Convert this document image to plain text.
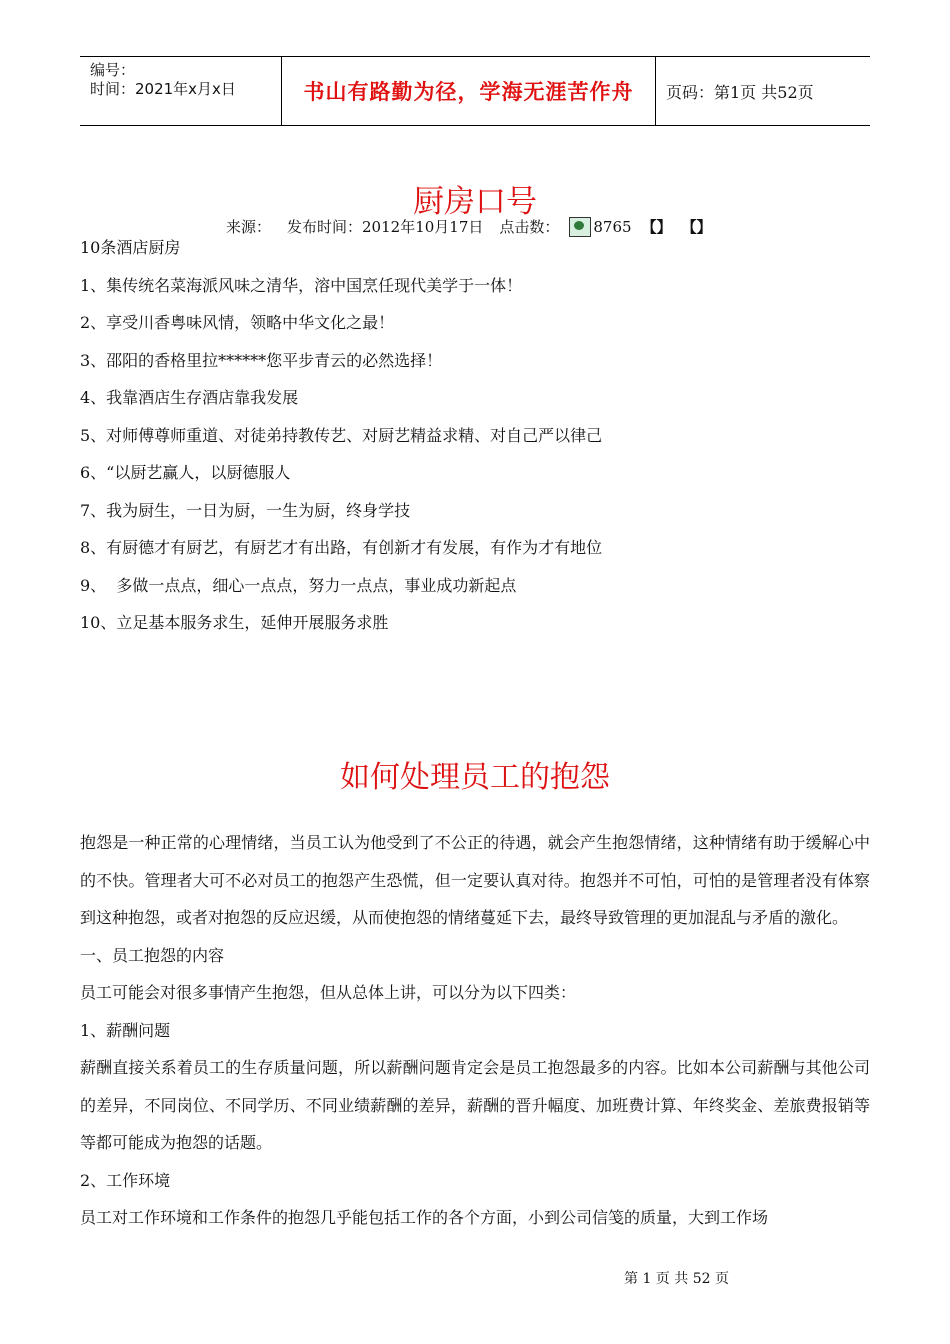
编号：
时间：2021年x月x日	书山有路勤为径，学海无涯苦作舟	页码：第1页 共52页
厨房口号
来源： 发布时间：2012年10月17日 点击数： 8765 【】 【】
10条酒店厨房
1、集传统名菜海派风味之清华，溶中国烹任现代美学于一体！
2、享受川香粤味风情，领略中华文化之最！
3、邵阳的香格里拉******您平步青云的必然选择！
4、我靠酒店生存酒店靠我发展
5、对师傅尊师重道、对徒弟持教传艺、对厨艺精益求精、对自己严以律己
6、“以厨艺赢人，以厨德服人
7、我为厨生，一日为厨，一生为厨，终身学技
8、有厨德才有厨艺，有厨艺才有出路，有创新才有发展，有作为才有地位
9、  多做一点点，细心一点点，努力一点点，事业成功新起点
10、立足基本服务求生，延伸开展服务求胜
如何处理员工的抱怨

抱怨是一种正常的心理情绪，当员工认为他受到了不公正的待遇，就会产生抱怨情绪，这种情绪有助于缓解心中的不快。管理者大可不必对员工的抱怨产生恐慌，但一定要认真对待。抱怨并不可怕，可怕的是管理者没有体察到这种抱怨，或者对抱怨的反应迟缓，从而使抱怨的情绪蔓延下去，最终导致管理的更加混乱与矛盾的激化。

一、员工抱怨的内容

员工可能会对很多事情产生抱怨，但从总体上讲，可以分为以下四类：

1、薪酬问题

薪酬直接关系着员工的生存质量问题，所以薪酬问题肯定会是员工抱怨最多的内容。比如本公司薪酬与其他公司的差异，不同岗位、不同学历、不同业绩薪酬的差异，薪酬的晋升幅度、加班费计算、年终奖金、差旅费报销等等都可能成为抱怨的话题。

2、工作环境

员工对工作环境和工作条件的抱怨几乎能包括工作的各个方面，小到公司信笺的质量，大到工作场

第 1 页 共 52 页
